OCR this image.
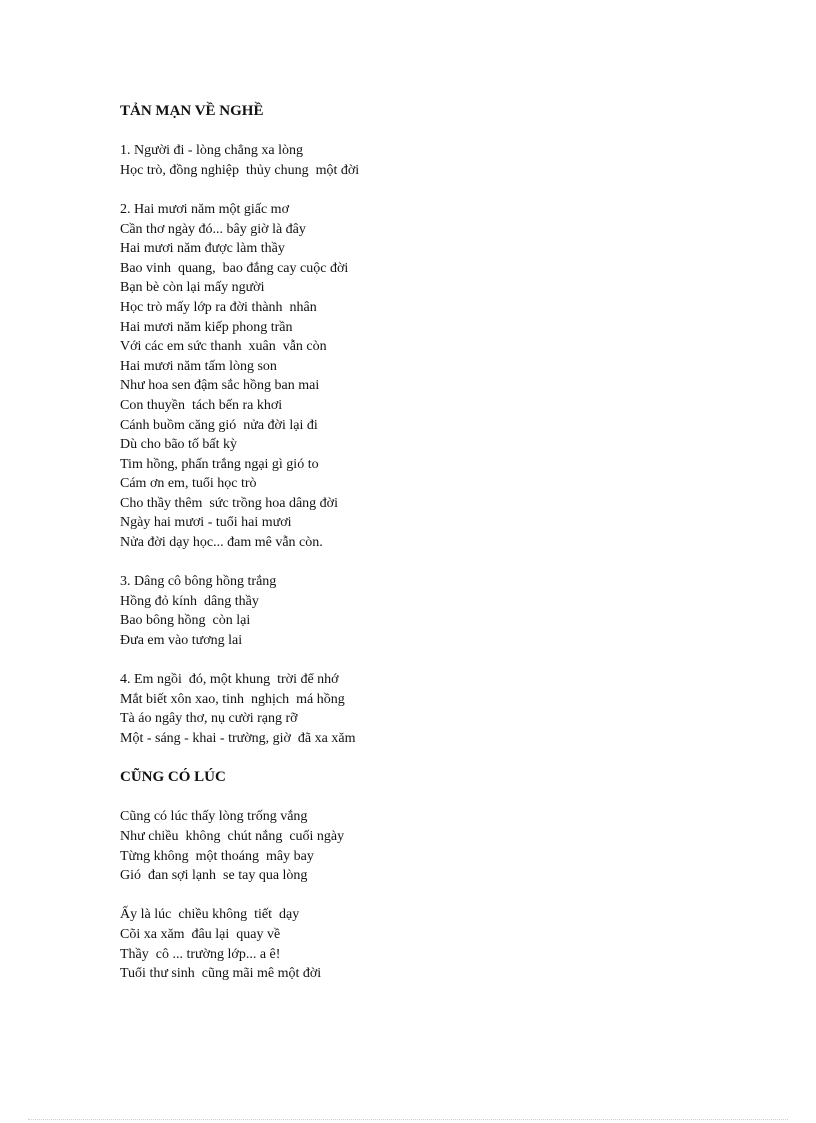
TẢN MẠN VỀ NGHỀ

1. Người đi - lòng chẳng xa lòng

Học trò, đồng nghiệp  thủy chung  một đời

2. Hai mươi năm một giấc mơ

Cần thơ ngày đó... bây giờ là đây

Hai mươi năm được làm thầy

Bao vinh  quang,  bao đắng cay cuộc đời

Bạn bè còn lại mấy người

Học trò mấy lớp ra đời thành  nhân

Hai mươi năm kiếp phong trần

Với các em sức thanh  xuân  vẫn còn

Hai mươi năm tấm lòng son

Như hoa sen đậm sắc hồng ban mai

Con thuyền  tách bến ra khơi

Cánh buồm căng gió  nửa đời lại đi

Dù cho bão tố bất kỳ

Tim hồng, phấn trắng ngại gì gió to

Cám ơn em, tuổi học trò

Cho thầy thêm  sức trồng hoa dâng đời

Ngày hai mươi - tuổi hai mươi

Nửa đời dạy học... đam mê vẫn còn.

3. Dâng cô bông hồng trắng

Hồng đỏ kính  dâng thầy

Bao bông hồng  còn lại

Đưa em vào tương lai

4. Em ngồi  đó, một khung  trời để nhớ

Mắt biết xôn xao, tinh  nghịch  má hồng

Tà áo ngây thơ, nụ cười rạng rỡ

Một - sáng - khai - trường, giờ  đã xa xăm

CŨNG CÓ LÚC

Cũng có lúc thấy lòng trống vắng

Như chiều  không  chút nắng  cuối ngày

Từng không  một thoáng  mây bay

Gió  đan sợi lạnh  se tay qua lòng

Ấy là lúc  chiều không  tiết  dạy

Cõi xa xăm  đâu lại  quay về

Thầy  cô ... trường lớp... a ê!

Tuổi thư sinh  cũng mãi mê một đời
